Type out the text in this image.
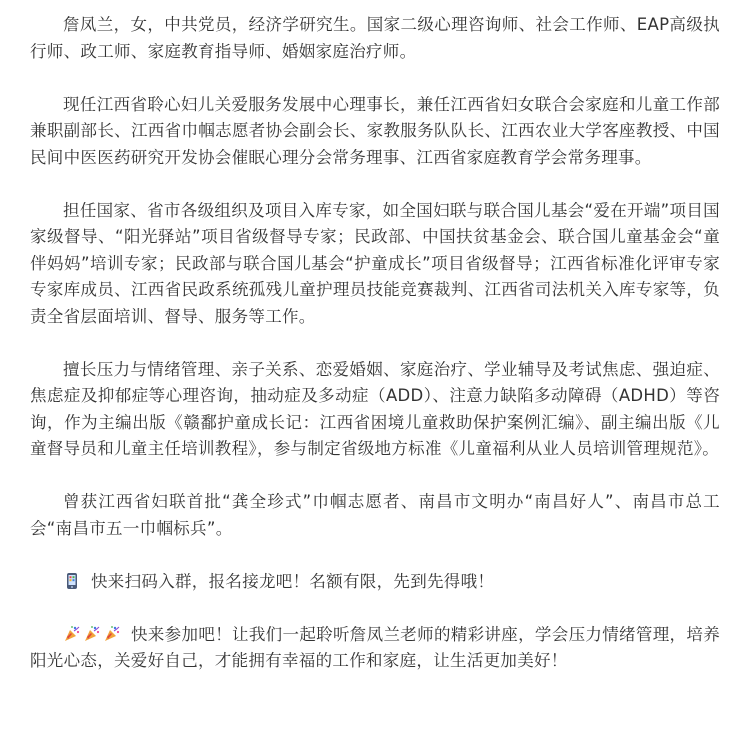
詹凤兰，女，中共党员，经济学研究生。国家二级心理咨询师、社会工作师、EAP高级执行师、政工师、家庭教育指导师、婚姻家庭治疗师。

现任江西省聆心妇儿关爱服务发展中心理事长，兼任江西省妇女联合会家庭和儿童工作部兼职副部长、江西省巾帼志愿者协会副会长、家教服务队队长、江西农业大学客座教授、中国民间中医医药研究开发协会催眠心理分会常务理事、江西省家庭教育学会常务理事。

担任国家、省市各级组织及项目入库专家，如全国妇联与联合国儿基会“爱在开端”项目国家级督导、“阳光驿站”项目省级督导专家；民政部、中国扶贫基金会、联合国儿童基金会“童伴妈妈”培训专家；民政部与联合国儿基会“护童成长”项目省级督导；江西省标准化评审专家专家库成员、江西省民政系统孤残儿童护理员技能竞赛裁判、江西省司法机关入库专家等，负责全省层面培训、督导、服务等工作。

擅长压力与情绪管理、亲子关系、恋爱婚姻、家庭治疗、学业辅导及考试焦虑、强迫症、焦虑症及抑郁症等心理咨询，抽动症及多动症（ADD）、注意力缺陷多动障碍（ADHD）等咨询，作为主编出版《赣鄱护童成长记：江西省困境儿童救助保护案例汇编》、副主编出版《儿童督导员和儿童主任培训教程》，参与制定省级地方标准《儿童福利从业人员培训管理规范》。

曾获江西省妇联首批“龚全珍式”巾帼志愿者、南昌市文明办“南昌好人”、南昌市总工会“南昌市五一巾帼标兵”。

快来扫码入群，报名接龙吧！名额有限，先到先得哦！

快来参加吧！让我们一起聆听詹凤兰老师的精彩讲座，学会压力情绪管理，培养阳光心态，关爱好自己，才能拥有幸福的工作和家庭，让生活更加美好！
